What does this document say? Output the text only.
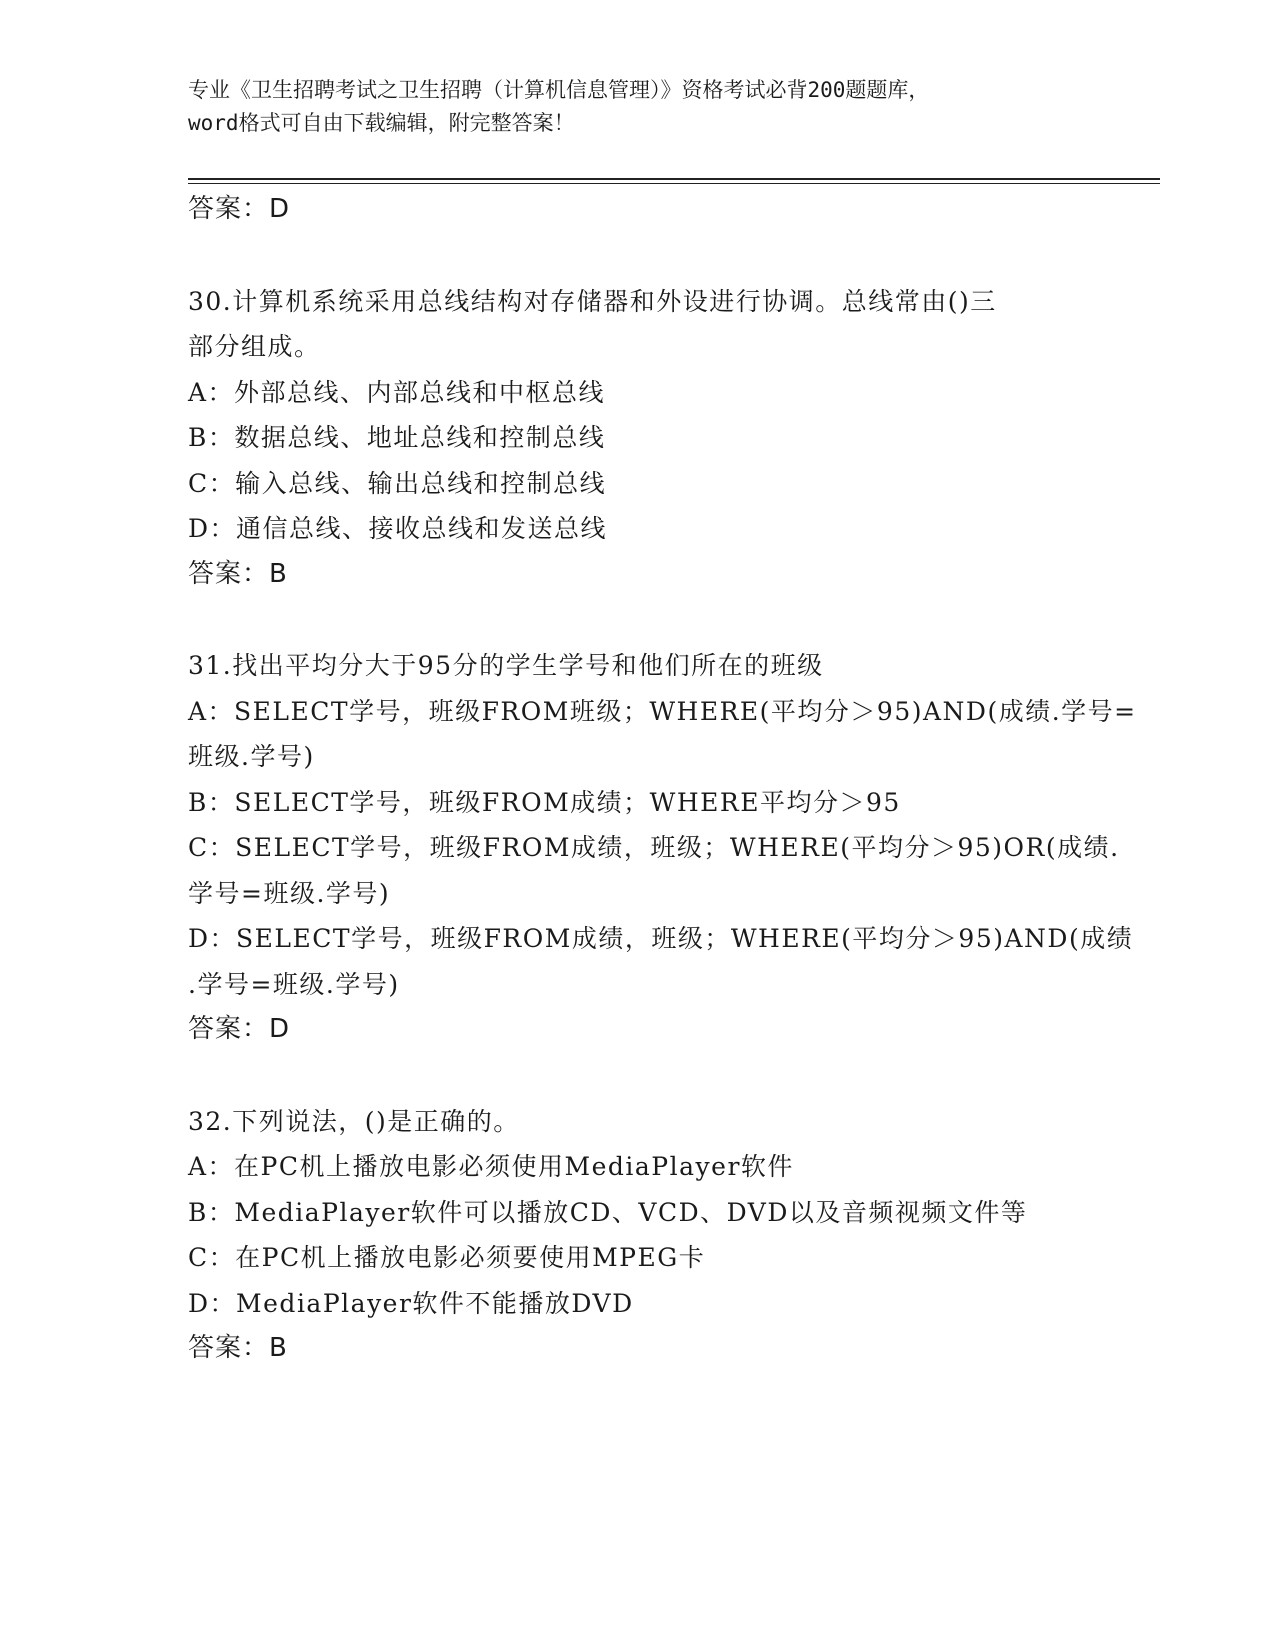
专业《卫生招聘考试之卫生招聘（计算机信息管理）》资格考试必背200题题库，
word格式可自由下载编辑，附完整答案！
答案：D
30.计算机系统采用总线结构对存储器和外设进行协调。总线常由()三
部分组成。
A：外部总线、内部总线和中枢总线
B：数据总线、地址总线和控制总线
C：输入总线、输出总线和控制总线
D：通信总线、接收总线和发送总线
答案：B
31.找出平均分大于95分的学生学号和他们所在的班级
A：SELECT学号，班级FROM班级；WHERE(平均分＞95)AND(成绩.学号=
班级.学号)
B：SELECT学号，班级FROM成绩；WHERE平均分＞95
C：SELECT学号，班级FROM成绩，班级；WHERE(平均分＞95)OR(成绩.
学号=班级.学号)
D：SELECT学号，班级FROM成绩，班级；WHERE(平均分＞95)AND(成绩
.学号=班级.学号)
答案：D
32.下列说法，()是正确的。
A：在PC机上播放电影必须使用MediaPlayer软件
B：MediaPlayer软件可以播放CD、VCD、DVD以及音频视频文件等
C：在PC机上播放电影必须要使用MPEG卡
D：MediaPlayer软件不能播放DVD
答案：B
